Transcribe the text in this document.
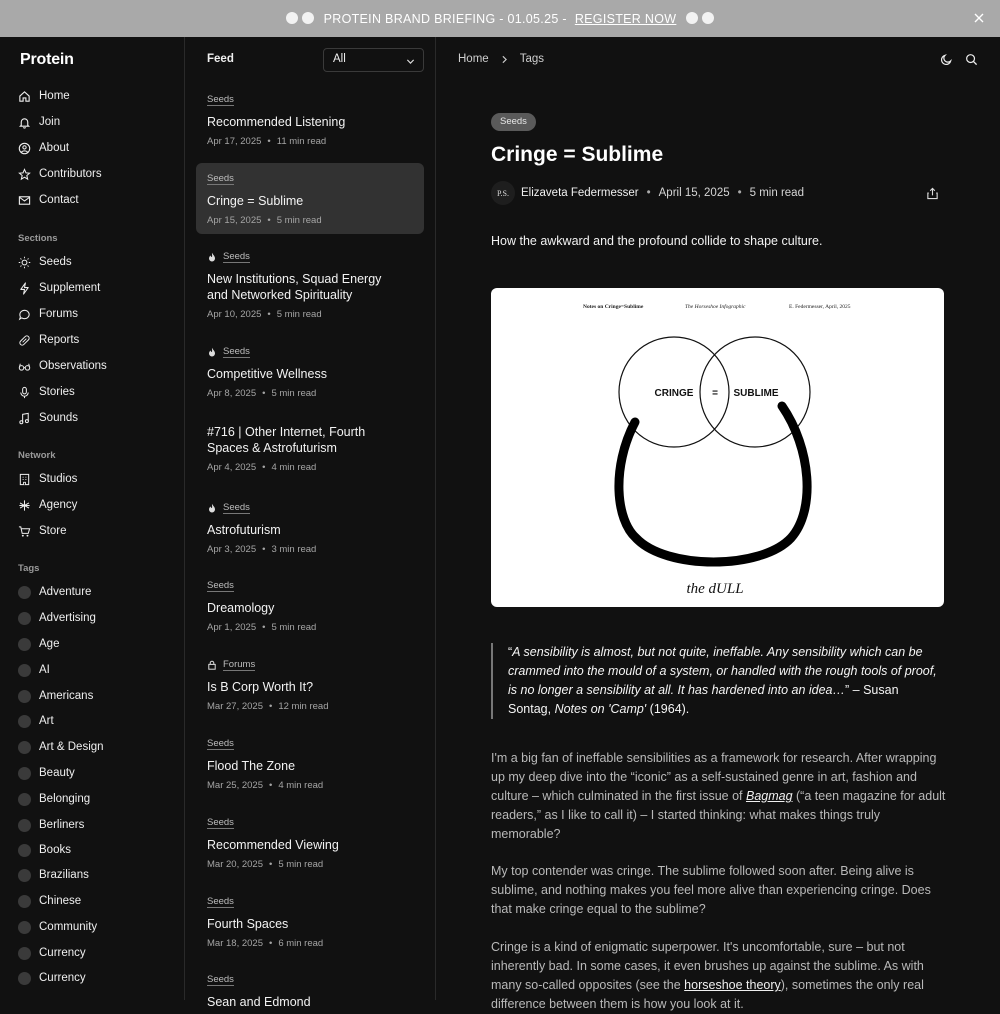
PROTEIN BRAND BRIEFING - 01.05.25 - REGISTER NOW
Protein
Home
Join
About
Contributors
Contact
Sections
Seeds
Supplement
Forums
Reports
Observations
Stories
Sounds
Network
Studios
Agency
Store
Tags
Adventure
Advertising
Age
AI
Americans
Art
Art & Design
Beauty
Belonging
Berliners
Books
Brazilians
Chinese
Community
Currency
Currency
Feed	All
Seeds
Recommended Listening
Apr 17, 2025 • 11 min read
Seeds
Cringe = Sublime
Apr 15, 2025 • 5 min read
Seeds
New Institutions, Squad Energy
and Networked Spirituality
Apr 10, 2025 • 5 min read
Seeds
Competitive Wellness
Apr 8, 2025 • 5 min read
#716 | Other Internet, Fourth
Spaces & Astrofuturism
Apr 4, 2025 • 4 min read
Seeds
Astrofuturism
Apr 3, 2025 • 3 min read
Seeds
Dreamology
Apr 1, 2025 • 5 min read
Forums
Is B Corp Worth It?
Mar 27, 2025 • 12 min read
Seeds
Flood The Zone
Mar 25, 2025 • 4 min read
Seeds
Recommended Viewing
Mar 20, 2025 • 5 min read
Seeds
Fourth Spaces
Mar 18, 2025 • 6 min read
Seeds
Sean and Edmond
Home	Tags
Seeds
Cringe = Sublime
P.S.	Elizaveta Federmesser • April 15, 2025 • 5 min read
How the awkward and the profound collide to shape culture.
Notes on Cringe=Sublime	The Horseshoe Infographic	E. Federmesser, April, 2025
CRINGE = SUBLIME
the dULL
“A sensibility is almost, but not quite, ineffable. Any sensibility which can be crammed into the mould of a system, or handled with the rough tools of proof, is no longer a sensibility at all. It has hardened into an idea…” – Susan Sontag, Notes on 'Camp' (1964).
I'm a big fan of ineffable sensibilities as a framework for research. After wrapping up my deep dive into the “iconic” as a self-sustained genre in art, fashion and culture – which culminated in the first issue of Bagmag (“a teen magazine for adult readers,” as I like to call it) – I started thinking: what makes things truly memorable?
My top contender was cringe. The sublime followed soon after. Being alive is sublime, and nothing makes you feel more alive than experiencing cringe. Does that make cringe equal to the sublime?
Cringe is a kind of enigmatic superpower. It's uncomfortable, sure – but not inherently bad. In some cases, it even brushes up against the sublime. As with many so-called opposites (see the horseshoe theory), sometimes the only real difference between them is how you look at it.
